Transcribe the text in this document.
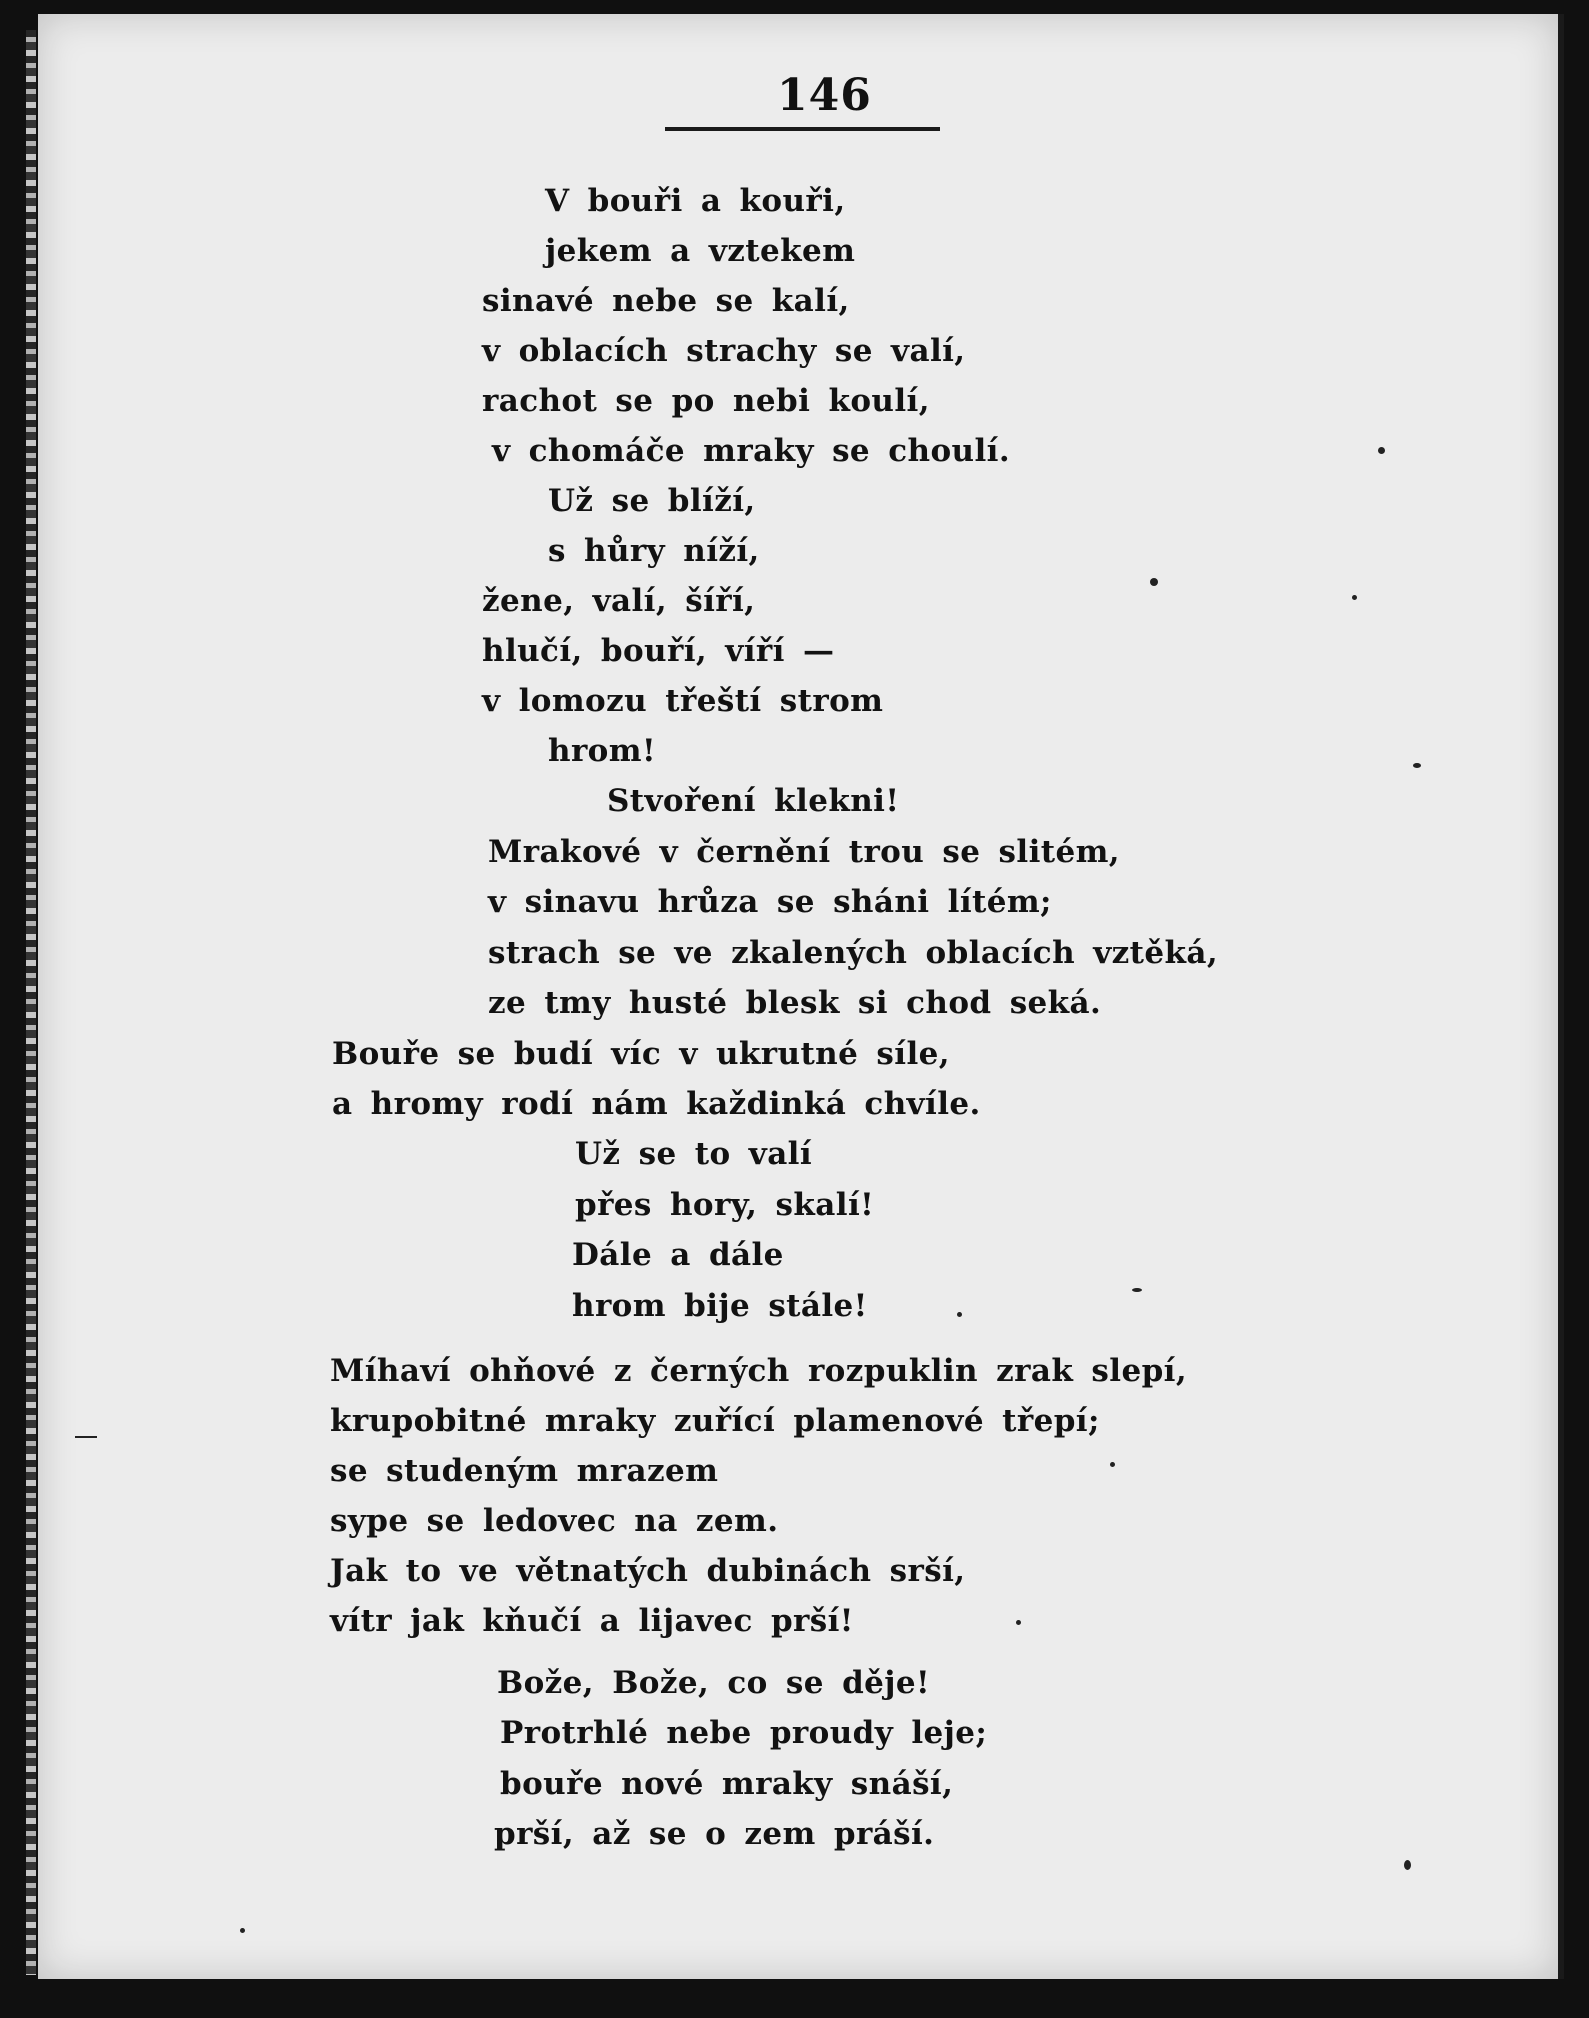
146
V bouři a kouři,
jekem a vztekem
sinavé nebe se kalí,
v oblacích strachy se valí,
rachot se po nebi koulí,
v chomáče mraky se choulí.
Už se blíží,
s hůry níží,
žene, valí, šíří,
hlučí, bouří, víří —
v lomozu třeští strom
hrom!
Stvoření klekni!
Mrakové v černění trou se slitém,
v sinavu hrůza se sháni lítém;
strach se ve zkalených oblacích vztěká,
ze tmy husté blesk si chod seká.
Bouře se budí víc v ukrutné síle,
a hromy rodí nám každinká chvíle.
Už se to valí
přes hory, skalí!
Dále a dále
hrom bije stále!
Míhaví ohňové z černých rozpuklin zrak slepí,
krupobitné mraky zuřící plamenové třepí;
se studeným mrazem
sype se ledovec na zem.
Jak to ve větnatých dubinách srší,
vítr jak kňučí a lijavec prší!
Bože, Bože, co se děje!
Protrhlé nebe proudy leje;
bouře nové mraky snáší,
prší, až se o zem práší.
